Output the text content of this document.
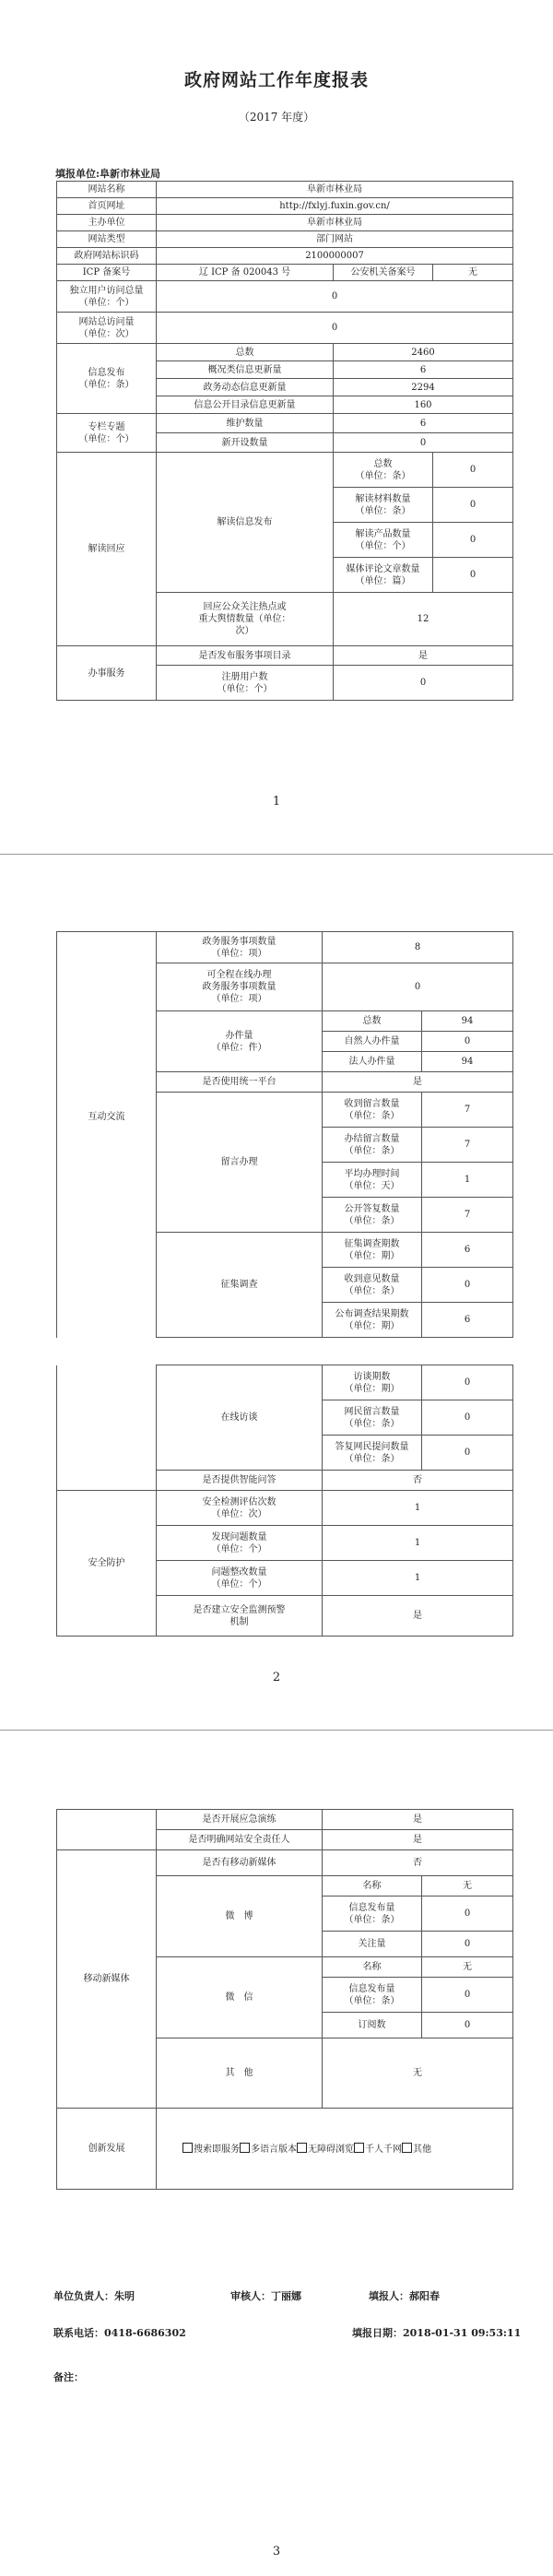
政府网站工作年度报表
（2017 年度）
填报单位:阜新市林业局
网站名称	阜新市林业局		
首页网址	http://fxlyj.fuxin.gov.cn/		
主办单位	阜新市林业局		
网站类型	部门网站		
政府网站标识码	2100000007		
ICP 备案号	辽 ICP 备 020043 号	公安机关备案号	无
独立用户访问总量
（单位：个）	0		
网站总访问量
（单位：次）	0		
信息发布
（单位：条）	总数	2460	
	概况类信息更新量	6	
	政务动态信息更新量	2294	
	信息公开目录信息更新量	160	
专栏专题
（单位：个）	维护数量	6	
	新开设数量	0	
解读回应	解读信息发布	总数
（单位：条）	0
		解读材料数量
（单位：条）	0
		解读产品数量
（单位：个）	0
		媒体评论文章数量
（单位：篇）	0
	回应公众关注热点或
重大舆情数量（单位：
次）	12	
办事服务	是否发布服务事项目录	是	
	注册用户数
（单位：个）	0	
1
互动交流	政务服务事项数量
（单位：项）	8	
	可全程在线办理
政务服务事项数量
（单位：项）	0	
	办件量
（单位：件）	总数	94
		自然人办件量	0
		法人办件量	94
	是否使用统一平台	是	
	留言办理	收到留言数量
（单位：条）	7
		办结留言数量
（单位：条）	7
		平均办理时间
（单位：天）	1
		公开答复数量
（单位：条）	7
	征集调查	征集调查期数
（单位：期）	6
		收到意见数量
（单位：条）	0
		公布调查结果期数
（单位：期）	6
	在线访谈	访谈期数
（单位：期）	0
		网民留言数量
（单位：条）	0
		答复网民提问数量
（单位：条）	0
	是否提供智能问答	否	
安全防护	安全检测评估次数
（单位：次）	1	
	发现问题数量
（单位：个）	1	
	问题整改数量
（单位：个）	1	
	是否建立安全监测预警
机制	是	
2
	是否开展应急演练	是	
	是否明确网站安全责任人	是	
移动新媒体	是否有移动新媒体	否	
	微　博	名称	无
		信息发布量
（单位：条）	0
		关注量	0
	微　信	名称	无
		信息发布量
（单位：条）	0
		订阅数	0
	其　他	无	
创新发展	搜索即服务 多语言版本 无障碍浏览 千人千网 其他		
单位负责人：朱明	审核人：丁丽娜	填报人：郝阳春
联系电话：0418-6686302	填报日期：2018-01-31 09:53:11
备注：
3
